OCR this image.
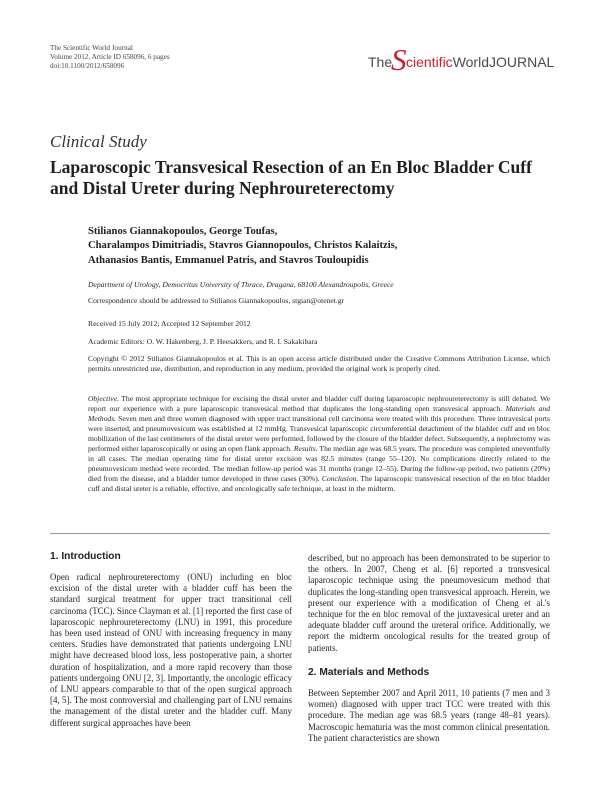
The Scientific World Journal
Volume 2012, Article ID 658096, 6 pages
doi:10.1100/2012/658096	The
S cientificWorldJOURNAL
Clinical Study
Laparoscopic Transvesical Resection of an En Bloc Bladder Cuff and Distal Ureter during Nephroureterectomy
Stilianos Giannakopoulos, George Toufas,
Charalampos Dimitriadis, Stavros Giannopoulos, Christos Kalaitzis,
Athanasios Bantis, Emmanuel Patris, and Stavros Touloupidis
Department of Urology, Democritus University of Thrace, Dragana, 68100 Alexandroupolis, Greece
Correspondence should be addressed to Stilianos Giannakopoulos, stgian@otenet.gr
Received 15 July 2012; Accepted 12 September 2012
Academic Editors: O. W. Hakenberg, J. P. Heesakkers, and R. I. Sakakibara
Copyright © 2012 Stilianos Giannakopoulos et al. This is an open access article distributed under the Creative Commons Attribution License, which permits unrestricted use, distribution, and reproduction in any medium, provided the original work is properly cited.
Objective. The most appropriate technique for excising the distal ureter and bladder cuff during laparoscopic nephroureterectomy is still debated. We report our experience with a pure laparoscopic transvesical method that duplicates the long-standing open transvesical approach. Materials and Methods. Seven men and three women diagnosed with upper tract transitional cell carcinoma were treated with this procedure. Three intravesical ports were inserted, and pneumovesicum was established at 12 mmHg. Transvesical laparoscopic circumferential detachment of the bladder cuff and en bloc mobilization of the last centimeters of the distal ureter were performed, followed by the closure of the bladder defect. Subsequently, a nephrectomy was performed either laparoscopically or using an open flank approach. Results. The median age was 68.5 years. The procedure was completed uneventfully in all cases. The median operating time for distal ureter excision was 82.5 minutes (range 55–120). No complications directly related to the pneumovesicum method were recorded. The median follow-up period was 31 months (range 12–55). During the follow-up period, two patients (20%) died from the disease, and a bladder tumor developed in three cases (30%). Conclusion. The laparoscopic transvesical resection of the en bloc bladder cuff and distal ureter is a reliable, effective, and oncologically safe technique, at least in the midterm.
1. Introduction
Open radical nephroureterectomy (ONU) including en bloc excision of the distal ureter with a bladder cuff has been the standard surgical treatment for upper tract transitional cell carcinoma (TCC). Since Clayman et al. [1] reported the first case of laparoscopic nephroureterectomy (LNU) in 1991, this procedure has been used instead of ONU with increasing frequency in many centers. Studies have demonstrated that patients undergoing LNU might have decreased blood loss, less postoperative pain, a shorter duration of hospitalization, and a more rapid recovery than those patients undergoing ONU [2, 3]. Importantly, the oncologic efficacy of LNU appears comparable to that of the open surgical approach [4, 5]. The most controversial and challenging part of LNU remains the management of the distal ureter and the bladder cuff. Many different surgical approaches have been
described, but no approach has been demonstrated to be superior to the others. In 2007, Cheng et al. [6] reported a transvesical laparoscopic technique using the pneumovesicum method that duplicates the long-standing open transvesical approach. Herein, we present our experience with a modification of Cheng et al.'s technique for the en bloc removal of the juxtavesical ureter and an adequate bladder cuff around the ureteral orifice. Additionally, we report the midterm oncological results for the treated group of patients.
2. Materials and Methods
Between September 2007 and April 2011, 10 patients (7 men and 3 women) diagnosed with upper tract TCC were treated with this procedure. The median age was 68.5 years (range 48–81 years). Macroscopic hematuria was the most common clinical presentation. The patient characteristics are shown
